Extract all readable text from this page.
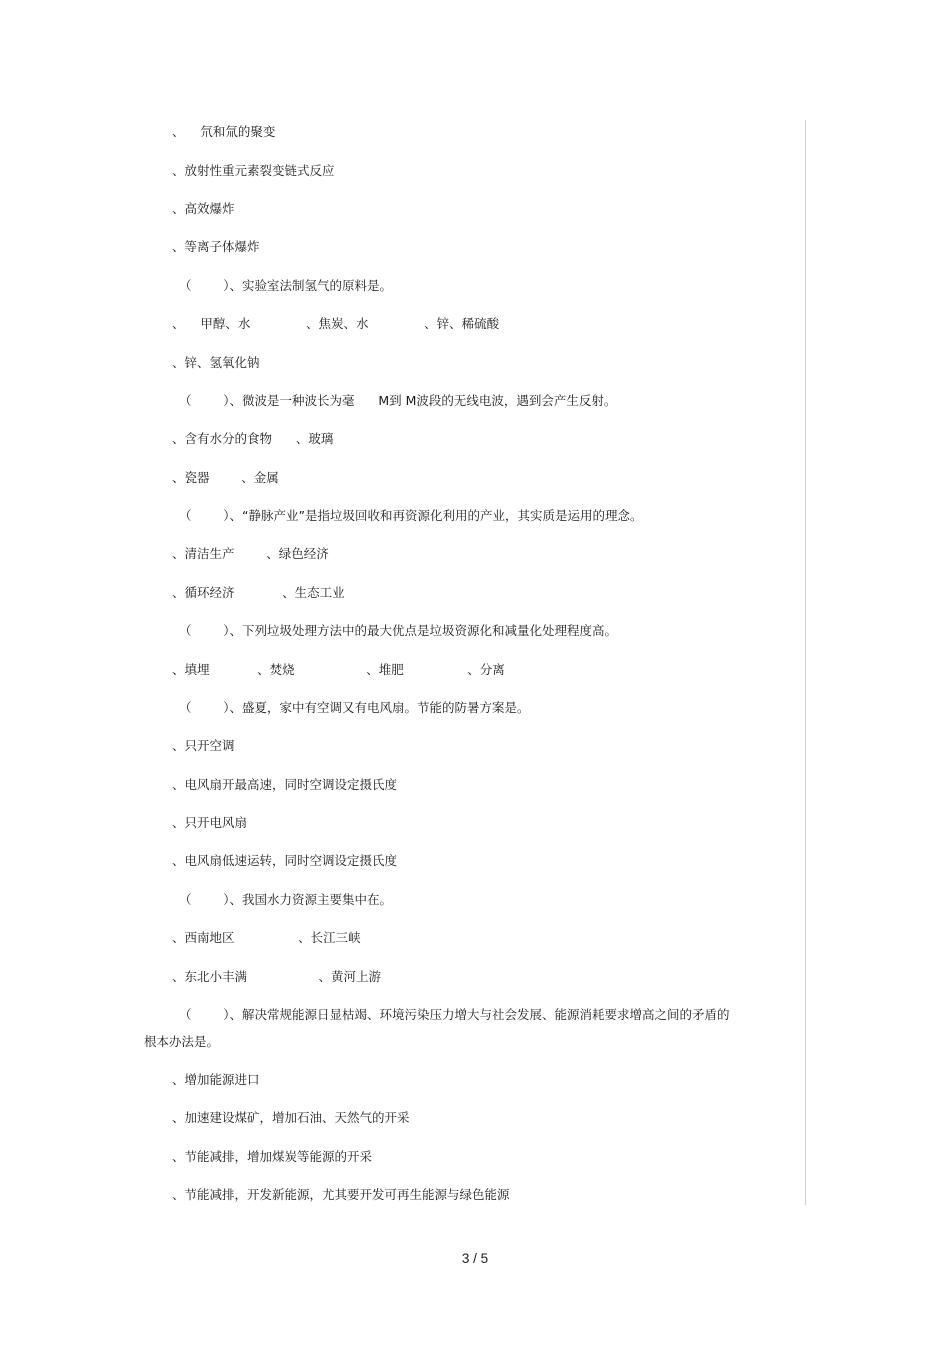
、    氘和氚的聚变
、放射性重元素裂变链式反应
、高效爆炸
、等离子体爆炸
（        ）、实验室法制氢气的原料是。
、    甲醇、水              、焦炭、水              、锌、稀硫酸
、锌、氢氧化钠
（        ）、微波是一种波长为毫      M到 M波段的无线电波，遇到会产生反射。
、含有水分的食物      、玻璃
、瓷器        、金属
（        ）、“静脉产业”是指垃圾回收和再资源化利用的产业，其实质是运用的理念。
、清洁生产        、绿色经济
、循环经济            、生态工业
（        ）、下列垃圾处理方法中的最大优点是垃圾资源化和减量化处理程度高。
、填埋            、焚烧                  、堆肥                、分离
（        ）、盛夏，家中有空调又有电风扇。节能的防暑方案是。
、只开空调
、电风扇开最高速，同时空调设定摄氏度
、只开电风扇
、电风扇低速运转，同时空调设定摄氏度
（        ）、我国水力资源主要集中在。
、西南地区                、长江三峡
、东北小丰满                  、黄河上游
（        ）、解决常规能源日显枯竭、环境污染压力增大与社会发展、能源消耗要求增高之间的矛盾的
根本办法是。
、增加能源进口
、加速建设煤矿，增加石油、天然气的开采
、节能减排，增加煤炭等能源的开采
、节能减排，开发新能源，尤其要开发可再生能源与绿色能源
3 / 5
